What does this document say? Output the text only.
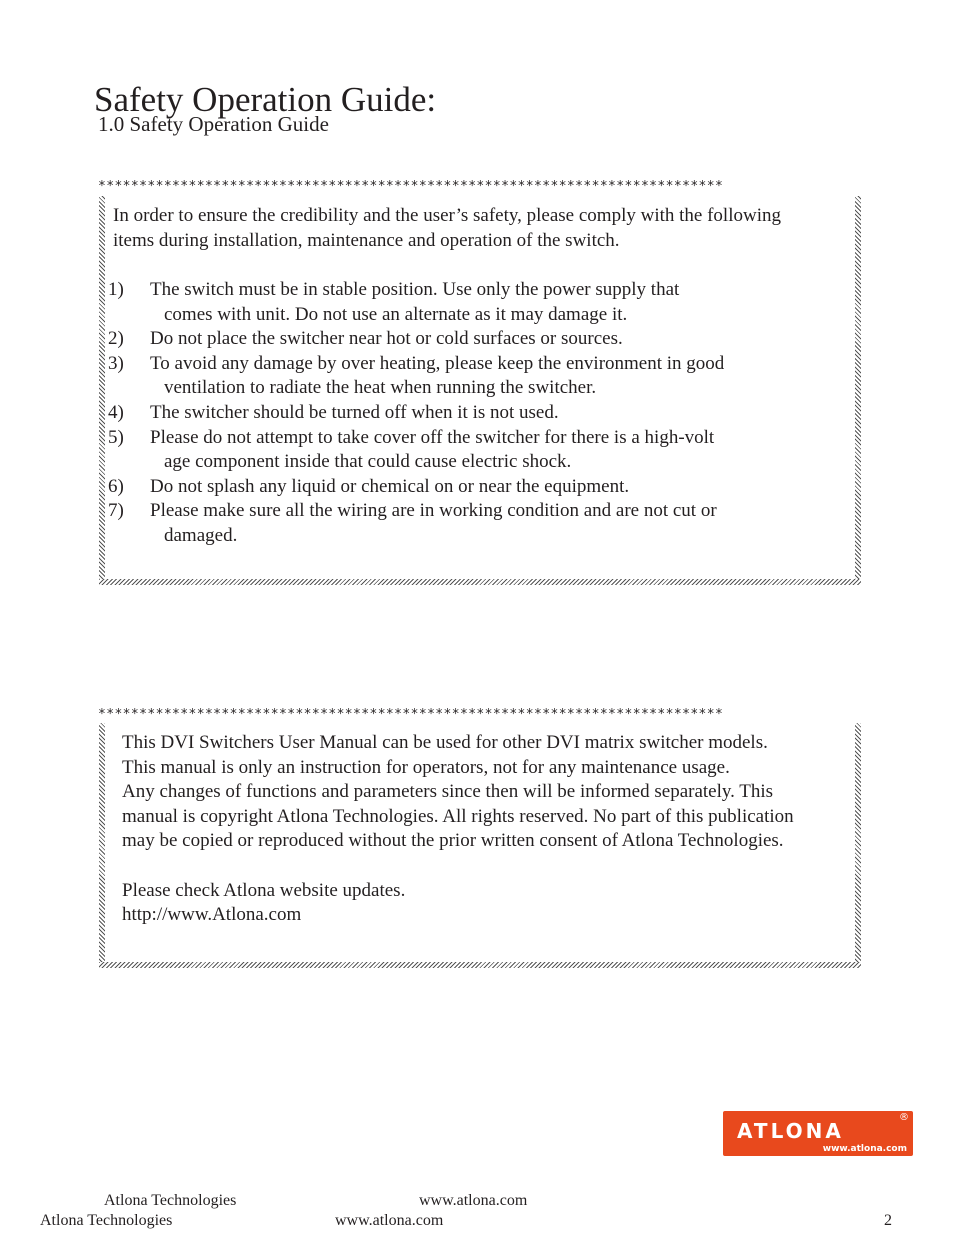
Safety Operation Guide:
1.0 Safety Operation Guide
****************************************************************************
In order to ensure the credibility and the user’s safety, please comply with the following
items during installation, maintenance and operation of the switch.
1) The switch must be in stable position. Use only the power supply that
comes with unit. Do not use an alternate as it may damage it.
2) Do not place the switcher near hot or cold surfaces or sources.
3) To avoid any damage by over heating, please keep the environment in good
ventilation to radiate the heat when running the switcher.
4) The switcher should be turned off when it is not used.
5) Please do not attempt to take cover off the switcher for there is a high-volt
age component inside that could cause electric shock.
6) Do not splash any liquid or chemical on or near the equipment.
7) Please make sure all the wiring are in working condition and are not cut or
damaged.
****************************************************************************
This DVI Switchers User Manual can be used for other DVI matrix switcher models.
This manual is only an instruction for operators, not for any maintenance usage.
Any changes of functions and parameters since then will be informed separately. This
manual is copyright Atlona Technologies. All rights reserved. No part of this publication
may be copied or reproduced without the prior written consent of Atlona Technologies.
Please check Atlona website updates.
http://www.Atlona.com
ATLONA
®
www.atlona.com
Atlona Technologies	www.atlona.com
Atlona Technologies	www.atlona.com	2
